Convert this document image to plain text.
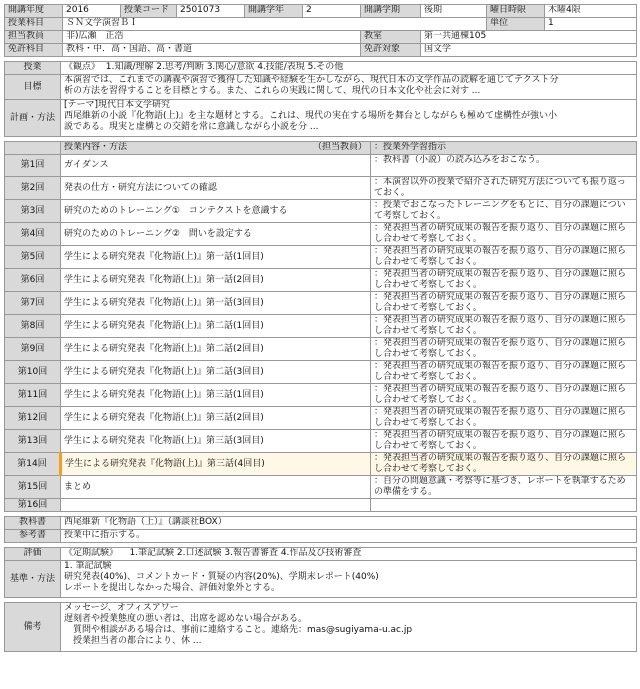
開講年度	2016	授業コード	2501073	開講学年	2	開講学期	後期	曜日時限	木曜4限
授業科目	ＳＮ文学演習ＢＩ							単位	1
担当教員	非)広瀬　正浩					教室	第一共通棟105		
免許科目	教科・中．高・国語、高・書道					免許対象	国文学		
授業	《観点》 1.知識/理解 2.思考/判断 3.関心/意欲 4.技能/表現 5.その他
目標	本演習では、これまでの講義や演習で獲得した知識や経験を生かしながら、現代日本の文学作品の読解を通じてテクスト分
析の方法を習得することを目標とする。また、これらの実践に関して、現代の日本文化や社会に対す ...

計画・方法	[テーマ]現代日本文学研究
西尾維新の小説『化物語(上)』を主な題材とする。これは、現代の実在する場所を舞台としながらも極めて虚構性が強い小
説である。現実と虚構との交錯を常に意識しながら小説を分 ...
	授業内容・方法 （担当教員）	：授業外学習指示
第1回	ガイダンス	：教科書（小説）の読み込みをおこなう。
第2回	発表の仕方・研究方法についての確認	：本演習以外の授業で紹介された研究方法についても振り返っておく。
第3回	研究のためのトレーニング①　コンテクストを意識する	：授業でおこなったトレーニングをもとに、自分の課題について考察しておく。
第4回	研究のためのトレーニング②　問いを設定する	：発表担当者の研究成果の報告を振り返り、自分の課題に照らし合わせて考察しておく。
第5回	学生による研究発表『化物語(上)』第一話(1回目)	：発表担当者の研究成果の報告を振り返り、自分の課題に照らし合わせて考察しておく。
第6回	学生による研究発表『化物語(上)』第一話(2回目)	：発表担当者の研究成果の報告を振り返り、自分の課題に照らし合わせて考察しておく。
第7回	学生による研究発表『化物語(上)』第一話(3回目)	：発表担当者の研究成果の報告を振り返り、自分の課題に照らし合わせて考察しておく。
第8回	学生による研究発表『化物語(上)』第二話(1回目)	：発表担当者の研究成果の報告を振り返り、自分の課題に照らし合わせて考察しておく。
第9回	学生による研究発表『化物語(上)』第二話(2回目)	：発表担当者の研究成果の報告を振り返り、自分の課題に照らし合わせて考察しておく。
第10回	学生による研究発表『化物語(上)』第二話(3回目)	：発表担当者の研究成果の報告を振り返り、自分の課題に照らし合わせて考察しておく。
第11回	学生による研究発表『化物語(上)』第三話(1回目)	：発表担当者の研究成果の報告を振り返り、自分の課題に照らし合わせて考察しておく。
第12回	学生による研究発表『化物語(上)』第三話(2回目)	：発表担当者の研究成果の報告を振り返り、自分の課題に照らし合わせて考察しておく。
第13回	学生による研究発表『化物語(上)』第三話(3回目)	：発表担当者の研究成果の報告を振り返り、自分の課題に照らし合わせて考察しておく。
第14回	学生による研究発表『化物語(上)』第三話(4回目)	：発表担当者の研究成果の報告を振り返り、自分の課題に照らし合わせて考察しておく。
第15回	まとめ	：自分の問題意識・考察等に基づき、レポートを執筆するための準備をする。
第16回		
教科書	西尾維新『化物語（上）』（講談社BOX）
参考書	授業中に指示する。
評価	《定期試験》 1.筆記試験 2.口述試験 3.報告書審査 4.作品及び技術審査
基準・方法	1. 筆記試験
研究発表(40%)、コメントカード・質疑の内容(20%)、学期末レポート(40%)
レポートを提出しなかった場合、評価対象外とする。
備考	
メッセージ、オフィスアワー
遅刻者や授業態度の悪い者は、出席を認めない場合がある。
　質問や相談がある場合は、事前に連絡すること。連絡先：mas@sugiyama-u.ac.jp
　授業担当者の都合により、休 ...
